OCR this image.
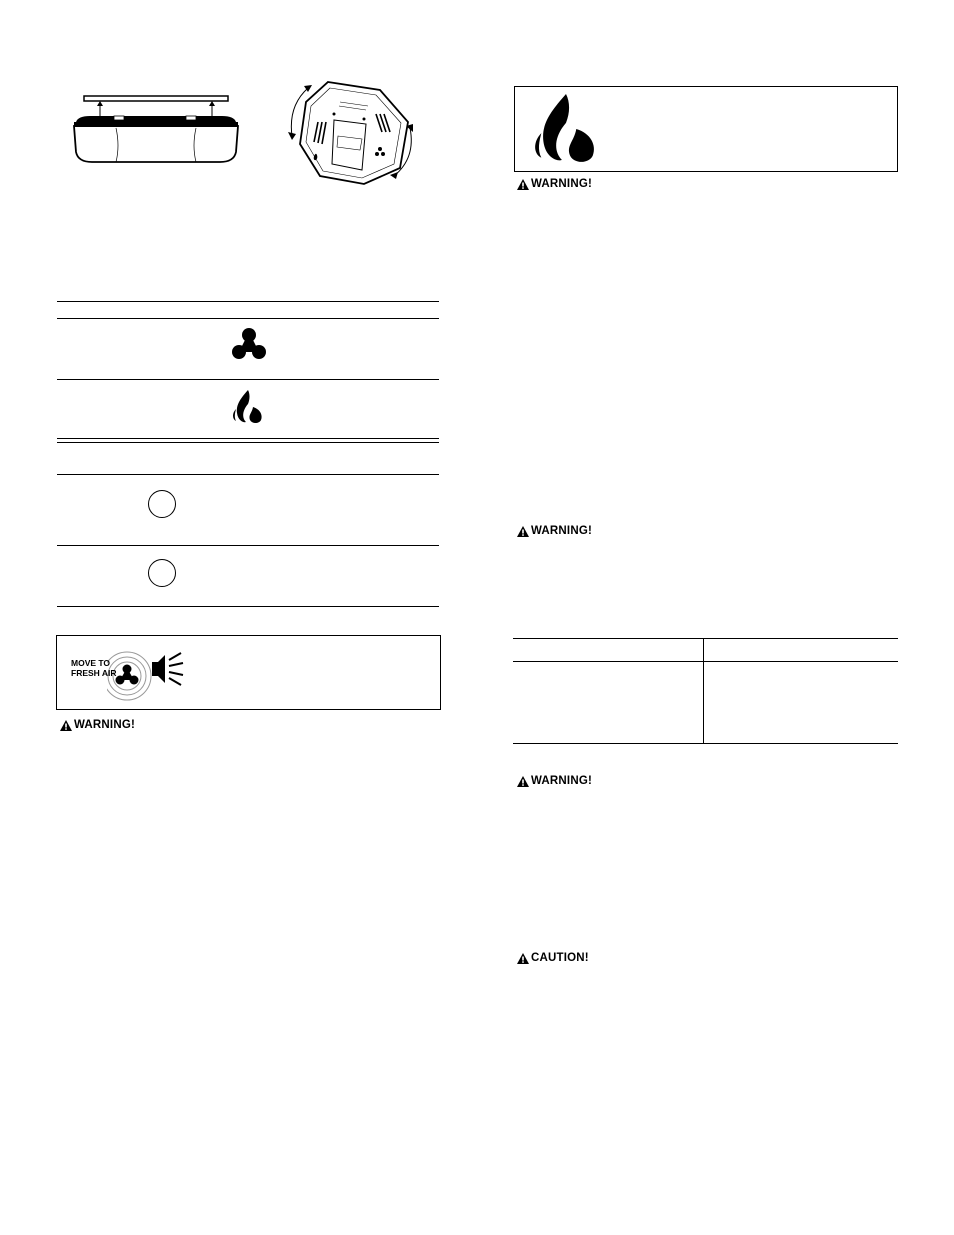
MOVE TO
FRESH AIR
WARNING!
WARNING!
WARNING!
WARNING!
CAUTION!
